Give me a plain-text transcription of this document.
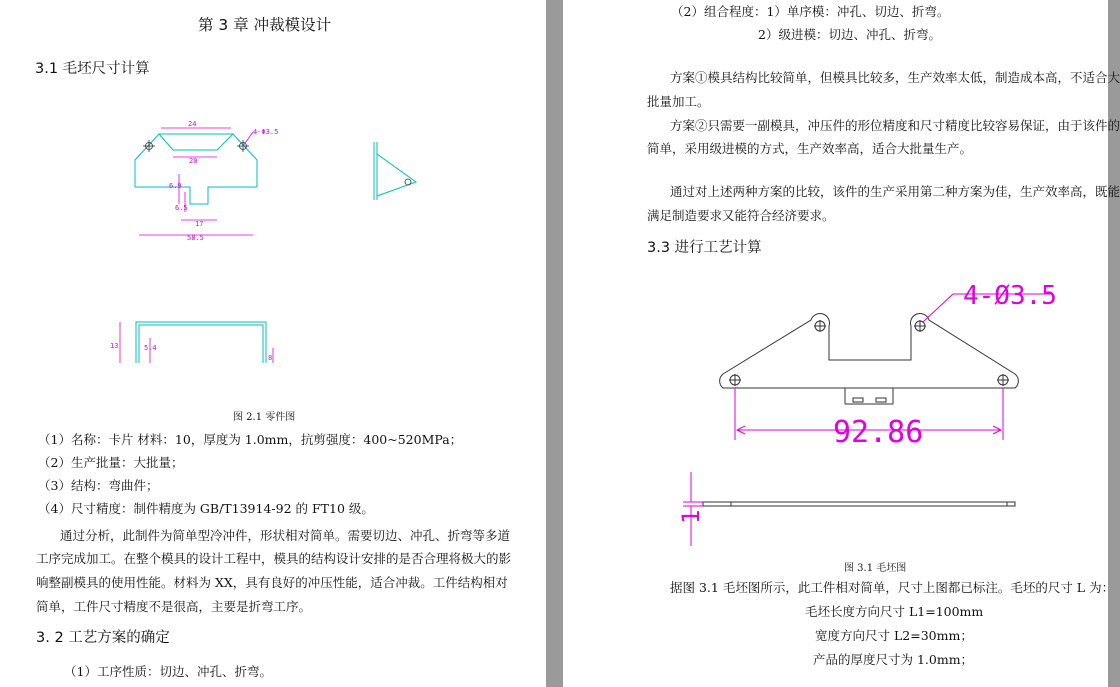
第 3 章 冲裁模设计
3.1 毛坯尺寸计算
24
20
4-Φ3.5
58.5
17
6.9
6.5
13	5.4
8
图 2.1 零件图
（1）名称：卡片 材料：10，厚度为 1.0mm，抗剪强度：400~520MPa；
（2）生产批量：大批量；
（3）结构：弯曲件；
（4）尺寸精度：制件精度为 GB/T13914-92 的 FT10 级。
通过分析，此制件为简单型冷冲件，形状相对简单。需要切边、冲孔、折弯等多道
工序完成加工。在整个模具的设计工程中，模具的结构设计安排的是否合理将极大的影
响整副模具的使用性能。材料为 XX，具有良好的冲压性能，适合冲裁。工件结构相对
简单，工件尺寸精度不是很高，主要是折弯工序。
3. 2 工艺方案的确定
（1）工序性质：切边、冲孔、折弯。
（2）组合程度：1）单序模：冲孔、切边、折弯。
2）级进模：切边、冲孔、折弯。
方案①模具结构比较简单，但模具比较多，生产效率太低，制造成本高，不适合大
批量加工。
方案②只需要一副模具，冲压件的形位精度和尺寸精度比较容易保证，由于该件的
简单，采用级进模的方式，生产效率高，适合大批量生产。
通过对上述两种方案的比较，该件的生产采用第二种方案为佳，生产效率高，既能
满足制造要求又能符合经济要求。
3.3 进行工艺计算
92.86
4-Ø3.5
1
图 3.1 毛坯图
据图 3.1 毛坯图所示，此工件相对简单，尺寸上图都已标注。毛坯的尺寸 L 为：
毛坯长度方向尺寸 L1=100mm
宽度方向尺寸 L2=30mm；
产品的厚度尺寸为 1.0mm；
